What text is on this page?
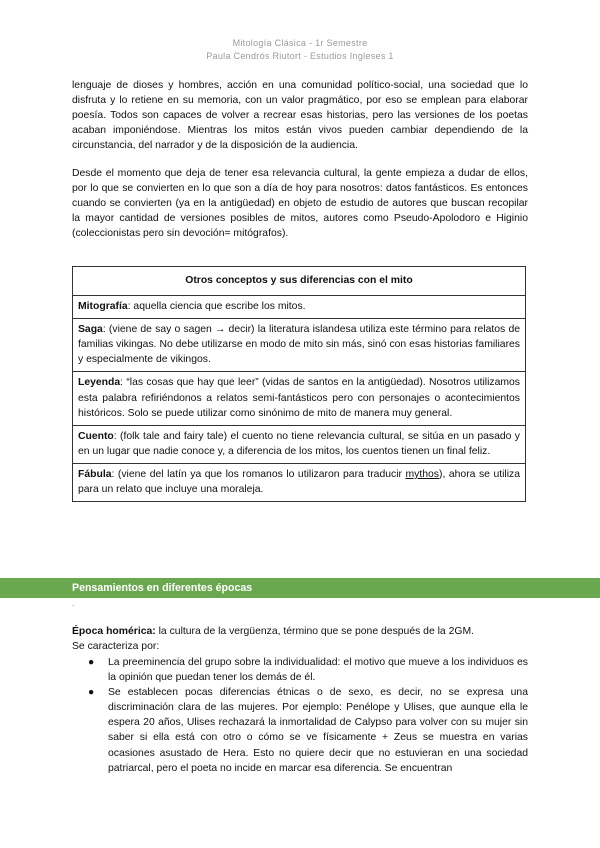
Mitología Clásica - 1r Semestre
Paula Cendrós Riutort - Estudios Ingleses 1
lenguaje de dioses y hombres, acción en una comunidad político-social, una sociedad que lo disfruta y lo retiene en su memoria, con un valor pragmático, por eso se emplean para elaborar poesía. Todos son capaces de volver a recrear esas historias, pero las versiones de los poetas acaban imponiéndose. Mientras los mitos están vivos pueden cambiar dependiendo de la circunstancia, del narrador y de la disposición de la audiencia.
Desde el momento que deja de tener esa relevancia cultural, la gente empieza a dudar de ellos, por lo que se convierten en lo que son a día de hoy para nosotros: datos fantásticos. Es entonces cuando se convierten (ya en la antigüedad) en objeto de estudio de autores que buscan recopilar la mayor cantidad de versiones posibles de mitos, autores como Pseudo-Apolodoro e Higinio (coleccionistas pero sin devoción= mitógrafos).
Otros conceptos y sus diferencias con el mito
Mitografía: aquella ciencia que escribe los mitos.
Saga: (viene de say o sagen → decir) la literatura islandesa utiliza este término para relatos de familias vikingas. No debe utilizarse en modo de mito sin más, sinó con esas historias familiares y especialmente de vikingos.
Leyenda: “las cosas que hay que leer” (vidas de santos en la antigüedad). Nosotros utilizamos esta palabra refiriéndonos a relatos semi-fantásticos pero con personajes o acontecimientos históricos. Solo se puede utilizar como sinónimo de mito de manera muy general.
Cuento: (folk tale and fairy tale) el cuento no tiene relevancia cultural, se sitúa en un pasado y en un lugar que nadie conoce y, a diferencia de los mitos, los cuentos tienen un final feliz.
Fábula: (viene del latín ya que los romanos lo utilizaron para traducir mythos), ahora se utiliza para un relato que incluye una moraleja.
Pensamientos en diferentes épocas
.
Época homérica: la cultura de la vergüenza, término que se pone después de la 2GM.
Se caracteriza por:
● La preeminencia del grupo sobre la individualidad: el motivo que mueve a los individuos es la opinión que puedan tener los demás de él.
● Se establecen pocas diferencias étnicas o de sexo, es decir, no se expresa una discriminación clara de las mujeres. Por ejemplo: Penélope y Ulises, que aunque ella le espera 20 años, Ulises rechazará la inmortalidad de Calypso para volver con su mujer sin saber si ella está con otro o cómo se ve físicamente + Zeus se muestra en varias ocasiones asustado de Hera. Esto no quiere decir que no estuvieran en una sociedad patriarcal, pero el poeta no incide en marcar esa diferencia. Se encuentran
